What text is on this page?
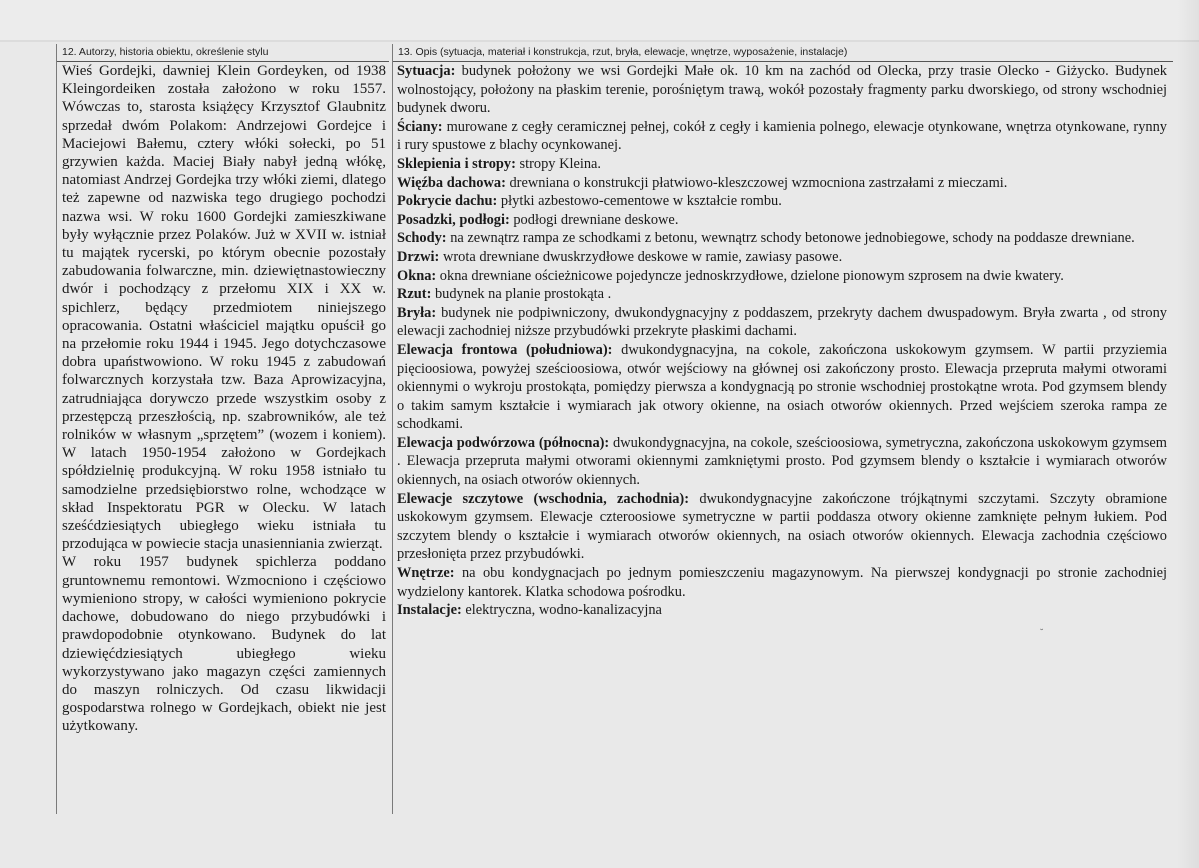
12. Autorzy, historia obiektu, określenie stylu

Wieś Gordejki, dawniej Klein Gordeyken, od 1938 Kleingordeiken została założono w roku 1557. Wówczas to, starosta książęcy Krzysztof Glaubnitz sprzedał dwóm Polakom: Andrzejowi Gordejce i Maciejowi Bałemu, cztery włóki sołecki, po 51 grzywien każda. Maciej Biały nabył jedną włókę, natomiast Andrzej Gordejka trzy włóki ziemi, dlatego też zapewne od nazwiska tego drugiego pochodzi nazwa wsi. W roku 1600 Gordejki zamieszkiwane były wyłącznie przez Polaków. Już w XVII w. istniał tu majątek rycerski, po którym obecnie pozostały zabudowania folwarczne, min. dziewiętnastowieczny dwór i pochodzący z przełomu XIX i XX w. spichlerz, będący przedmiotem niniejszego opracowania. Ostatni właściciel majątku opuścił go na przełomie roku 1944 i 1945. Jego dotychczasowe dobra upaństwowiono. W roku 1945 z zabudowań folwarcznych korzystała tzw. Baza Aprowizacyjna, zatrudniająca dorywczo przede wszystkim osoby z przestępczą przeszłością, np. szabrowników, ale też rolników w własnym „sprzętem” (wozem i koniem). W latach 1950-1954 założono w Gordejkach spółdzielnię produkcyjną. W roku 1958 istniało tu samodzielne przedsiębiorstwo rolne, wchodzące w skład Inspektoratu PGR w Olecku. W latach sześćdziesiątych ubiegłego wieku istniała tu przodująca w powiecie stacja unasienniania zwierząt.

W roku 1957 budynek spichlerza poddano gruntownemu remontowi. Wzmocniono i częściowo wymieniono stropy, w całości wymieniono pokrycie dachowe, dobudowano do niego przybudówki i prawdopodobnie otynkowano. Budynek do lat dziewięćdziesiątych ubiegłego wieku wykorzystywano jako magazyn części zamiennych do maszyn rolniczych. Od czasu likwidacji gospodarstwa rolnego w Gordejkach, obiekt nie jest użytkowany.

13. Opis (sytuacja, materiał i konstrukcja, rzut, bryła, elewacje, wnętrze, wyposażenie, instalacje)

Sytuacja: budynek położony we wsi Gordejki Małe ok. 10 km na zachód od Olecka, przy trasie Olecko - Giżycko. Budynek wolnostojący, położony na płaskim terenie, porośniętym trawą, wokół pozostały fragmenty parku dworskiego, od strony wschodniej budynek dworu.

Ściany: murowane z cegły ceramicznej pełnej, cokół z cegły i kamienia polnego, elewacje otynkowane, wnętrza otynkowane, rynny i rury spustowe z blachy ocynkowanej.

Sklepienia i stropy: stropy Kleina.

Więźba dachowa: drewniana o konstrukcji płatwiowo-kleszczowej wzmocniona zastrzałami z mieczami.

Pokrycie dachu: płytki azbestowo-cementowe w kształcie rombu.

Posadzki, podłogi: podłogi drewniane deskowe.

Schody: na zewnątrz rampa ze schodkami z betonu, wewnątrz schody betonowe jednobiegowe, schody na poddasze drewniane.

Drzwi: wrota drewniane dwuskrzydłowe deskowe w ramie, zawiasy pasowe.

Okna: okna drewniane ościeżnicowe pojedyncze jednoskrzydłowe, dzielone pionowym szprosem na dwie kwatery.

Rzut: budynek na planie prostokąta .

Bryła: budynek nie podpiwniczony, dwukondygnacyjny z poddaszem, przekryty dachem dwuspadowym. Bryła zwarta , od strony elewacji zachodniej niższe przybudówki przekryte płaskimi dachami.

Elewacja frontowa (południowa): dwukondygnacyjna, na cokole, zakończona uskokowym gzymsem. W partii przyziemia pięcioosiowa, powyżej sześcioosiowa, otwór wejściowy na głównej osi zakończony prosto. Elewacja przepruta małymi otworami okiennymi o wykroju prostokąta, pomiędzy pierwsza a kondygnacją po stronie wschodniej prostokątne wrota. Pod gzymsem blendy o takim samym kształcie i wymiarach jak otwory okienne, na osiach otworów okiennych. Przed wejściem szeroka rampa ze schodkami.

Elewacja podwórzowa (północna): dwukondygnacyjna, na cokole, sześcioosiowa, symetryczna, zakończona uskokowym gzymsem . Elewacja przepruta małymi otworami okiennymi zamkniętymi prosto. Pod gzymsem blendy o kształcie i wymiarach otworów okiennych, na osiach otworów okiennych.

Elewacje szczytowe (wschodnia, zachodnia): dwukondygnacyjne zakończone trójkątnymi szczytami. Szczyty obramione uskokowym gzymsem. Elewacje czteroosiowe symetryczne w partii poddasza otwory okienne zamknięte pełnym łukiem. Pod szczytem blendy o kształcie i wymiarach otworów okiennych, na osiach otworów okiennych. Elewacja zachodnia częściowo przesłonięta przez przybudówki.

Wnętrze: na obu kondygnacjach po jednym pomieszczeniu magazynowym. Na pierwszej kondygnacji po stronie zachodniej wydzielony kantorek. Klatka schodowa pośrodku.

Instalacje: elektryczna, wodno-kanalizacyjna

˘
